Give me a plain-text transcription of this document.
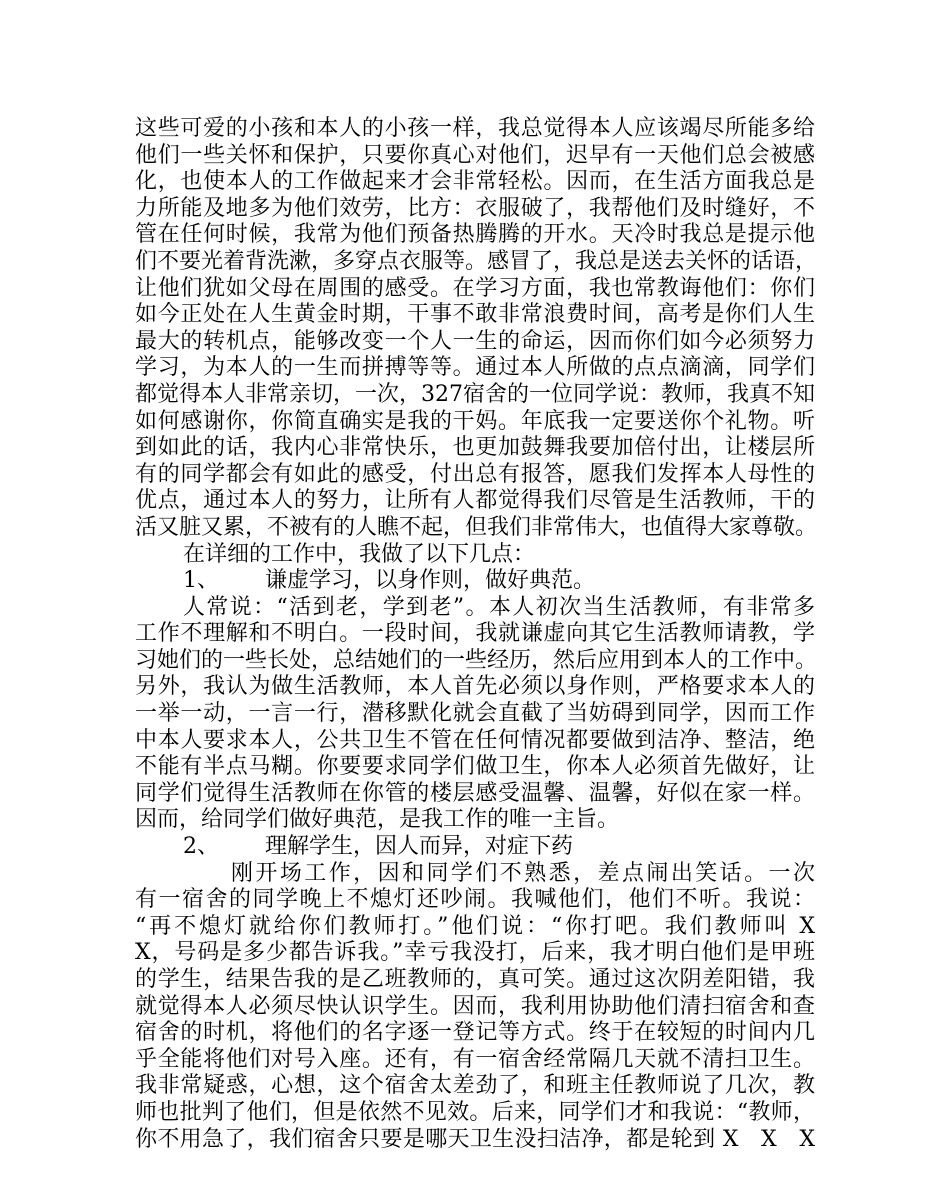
这些可爱的小孩和本人的小孩一样，我总觉得本人应该竭尽所能多给
他们一些关怀和保护，只要你真心对他们，迟早有一天他们总会被感
化，也使本人的工作做起来才会非常轻松。因而，在生活方面我总是
力所能及地多为他们效劳，比方：衣服破了，我帮他们及时缝好，不
管在任何时候，我常为他们预备热腾腾的开水。天冷时我总是提示他
们不要光着背洗漱，多穿点衣服等。感冒了，我总是送去关怀的话语，
让他们犹如父母在周围的感受。在学习方面，我也常教诲他们：你们
如今正处在人生黄金时期，干事不敢非常浪费时间，高考是你们人生
最大的转机点，能够改变一个人一生的命运，因而你们如今必须努力
学习，为本人的一生而拼搏等等。通过本人所做的点点滴滴，同学们
都觉得本人非常亲切，一次，327宿舍的一位同学说：教师，我真不知
如何感谢你，你简直确实是我的干妈。年底我一定要送你个礼物。听
到如此的话，我内心非常快乐，也更加鼓舞我要加倍付出，让楼层所
有的同学都会有如此的感受，付出总有报答，愿我们发挥本人母性的
优点，通过本人的努力，让所有人都觉得我们尽管是生活教师，干的
活又脏又累，不被有的人瞧不起，但我们非常伟大，也值得大家尊敬。
在详细的工作中，我做了以下几点：
1、 谦虚学习，以身作则，做好典范。
人常说：“活到老，学到老”。本人初次当生活教师，有非常多
工作不理解和不明白。一段时间，我就谦虚向其它生活教师请教，学
习她们的一些长处，总结她们的一些经历，然后应用到本人的工作中。
另外，我认为做生活教师，本人首先必须以身作则，严格要求本人的
一举一动，一言一行，潜移默化就会直截了当妨碍到同学，因而工作
中本人要求本人，公共卫生不管在任何情况都要做到洁净、整洁，绝
不能有半点马糊。你要要求同学们做卫生，你本人必须首先做好，让
同学们觉得生活教师在你管的楼层感受温馨、温馨，好似在家一样。
因而，给同学们做好典范，是我工作的唯一主旨。
2、 理解学生，因人而异，对症下药
刚开场工作，因和同学们不熟悉，差点闹出笑话。一次
有一宿舍的同学晚上不熄灯还吵闹。我喊他们，他们不听。我说：
“再不熄灯就给你们教师打。”他们说：“你打吧。我们教师叫 X
X，号码是多少都告诉我。”幸亏我没打，后来，我才明白他们是甲班
的学生，结果告我的是乙班教师的，真可笑。通过这次阴差阳错，我
就觉得本人必须尽快认识学生。因而，我利用协助他们清扫宿舍和查
宿舍的时机，将他们的名字逐一登记等方式。终于在较短的时间内几
乎全能将他们对号入座。还有，有一宿舍经常隔几天就不清扫卫生。
我非常疑惑，心想，这个宿舍太差劲了，和班主任教师说了几次，教
师也批判了他们，但是依然不见效。后来，同学们才和我说：“教师，
你不用急了，我们宿舍只要是哪天卫生没扫洁净，都是轮到 X　X　X
